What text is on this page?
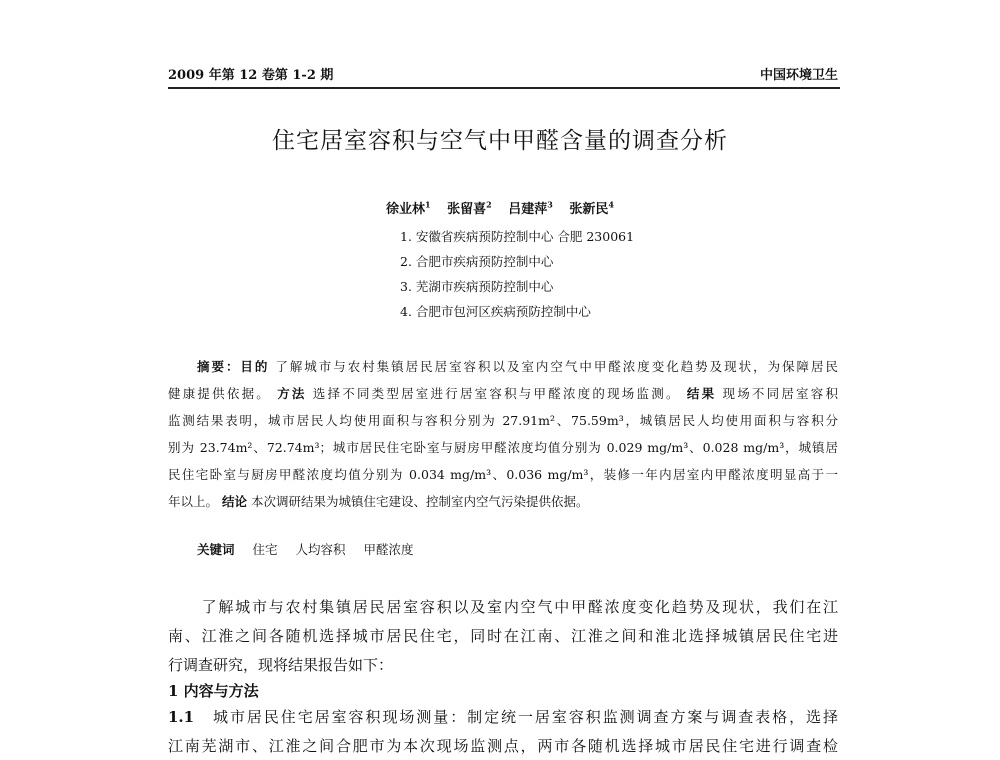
2009 年第 12 卷第 1-2 期	中国环境卫生
住宅居室容积与空气中甲醛含量的调查分析
徐业林$^1$ 张留喜$^2$ 吕建萍$^3$ 张新民$^4$
1. 安徽省疾病预防控制中心 合肥 230061
2. 合肥市疾病预防控制中心
3. 芜湖市疾病预防控制中心
4. 合肥市包河区疾病预防控制中心
摘要：目的 了解城市与农村集镇居民居室容积以及室内空气中甲醛浓度变化趋势及现状，为保障居民
健康提供依据。 方法 选择不同类型居室进行居室容积与甲醛浓度的现场监测。 结果 现场不同居室容积
监测结果表明，城市居民人均使用面积与容积分别为 27.91m²、75.59m³，城镇居民人均使用面积与容积分
别为 23.74m²、72.74m³；城市居民住宅卧室与厨房甲醛浓度均值分别为 0.029 mg/m³、0.028 mg/m³，城镇居
民住宅卧室与厨房甲醛浓度均值分别为 0.034 mg/m³、0.036 mg/m³，装修一年内居室内甲醛浓度明显高于一
年以上。 结论 本次调研结果为城镇住宅建设、控制室内空气污染提供依据。
关键词 住宅 人均容积 甲醛浓度
　　了解城市与农村集镇居民居室容积以及室内空气中甲醛浓度变化趋势及现状，我们在江
南、江淮之间各随机选择城市居民住宅，同时在江南、江淮之间和淮北选择城镇居民住宅进
行调查研究，现将结果报告如下：
1 内容与方法
1.1　 城市居民住宅居室容积现场测量：制定统一居室容积监测调查方案与调查表格，选择
江南芜湖市、江淮之间合肥市为本次现场监测点，两市各随机选择城市居民住宅进行调查检
